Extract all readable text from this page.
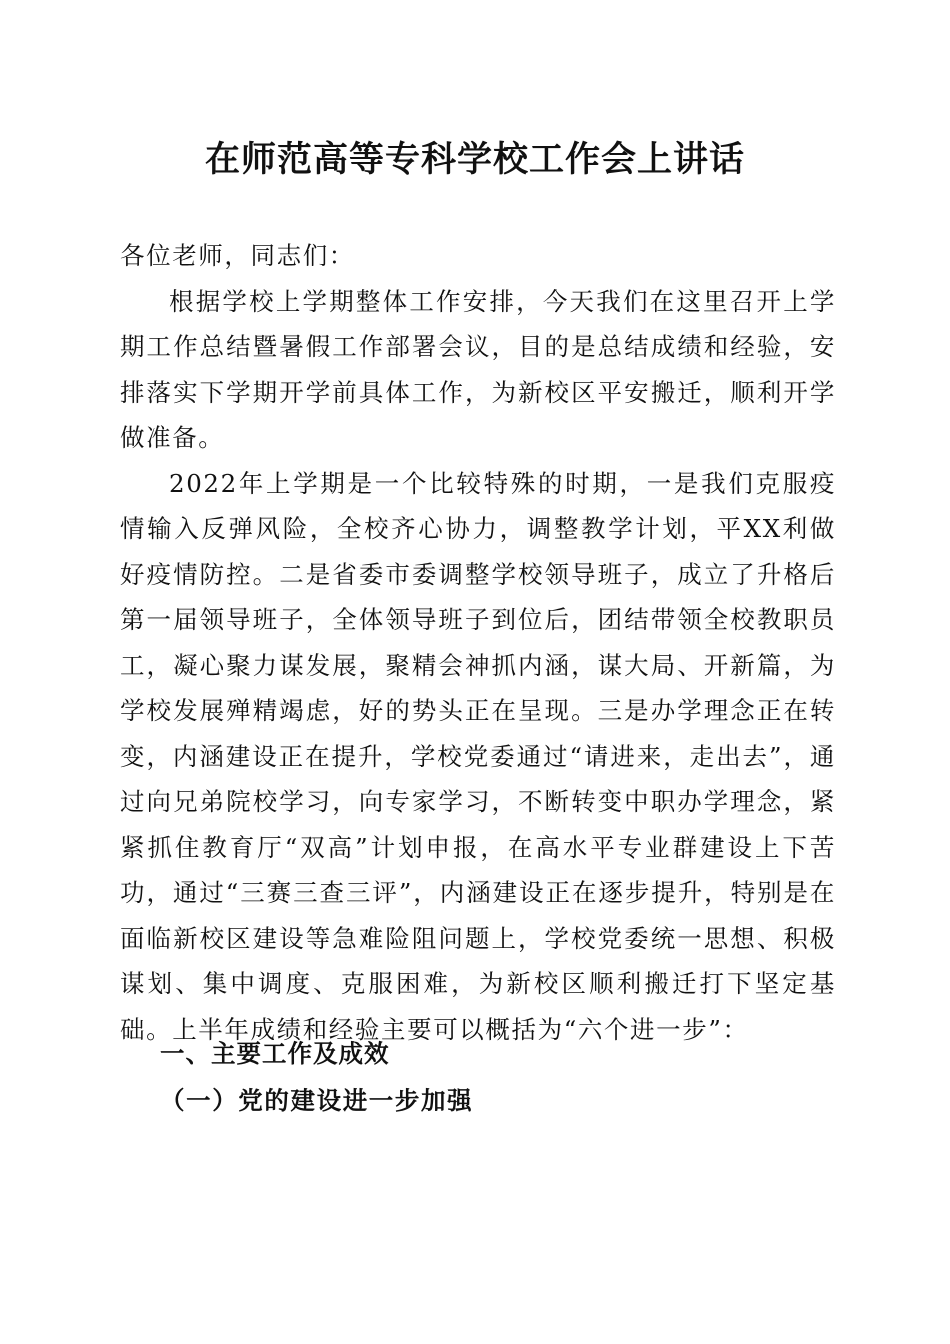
在师范高等专科学校工作会上讲话

各位老师，同志们：

根据学校上学期整体工作安排，今天我们在这里召开上学期工作总结暨暑假工作部署会议，目的是总结成绩和经验，安排落实下学期开学前具体工作，为新校区平安搬迁，顺利开学做准备。

2022年上学期是一个比较特殊的时期，一是我们克服疫情输入反弹风险，全校齐心协力，调整教学计划，平XX利做好疫情防控。二是省委市委调整学校领导班子，成立了升格后第一届领导班子，全体领导班子到位后，团结带领全校教职员工，凝心聚力谋发展，聚精会神抓内涵，谋大局、开新篇，为学校发展殚精竭虑，好的势头正在呈现。三是办学理念正在转变，内涵建设正在提升，学校党委通过“请进来，走出去”，通过向兄弟院校学习，向专家学习，不断转变中职办学理念，紧紧抓住教育厅“双高”计划申报，在高水平专业群建设上下苦功，通过“三赛三查三评”，内涵建设正在逐步提升，特别是在面临新校区建设等急难险阻问题上，学校党委统一思想、积极谋划、集中调度、克服困难，为新校区顺利搬迁打下坚定基础。上半年成绩和经验主要可以概括为“六个进一步”：

一、主要工作及成效
（一）党的建设进一步加强
